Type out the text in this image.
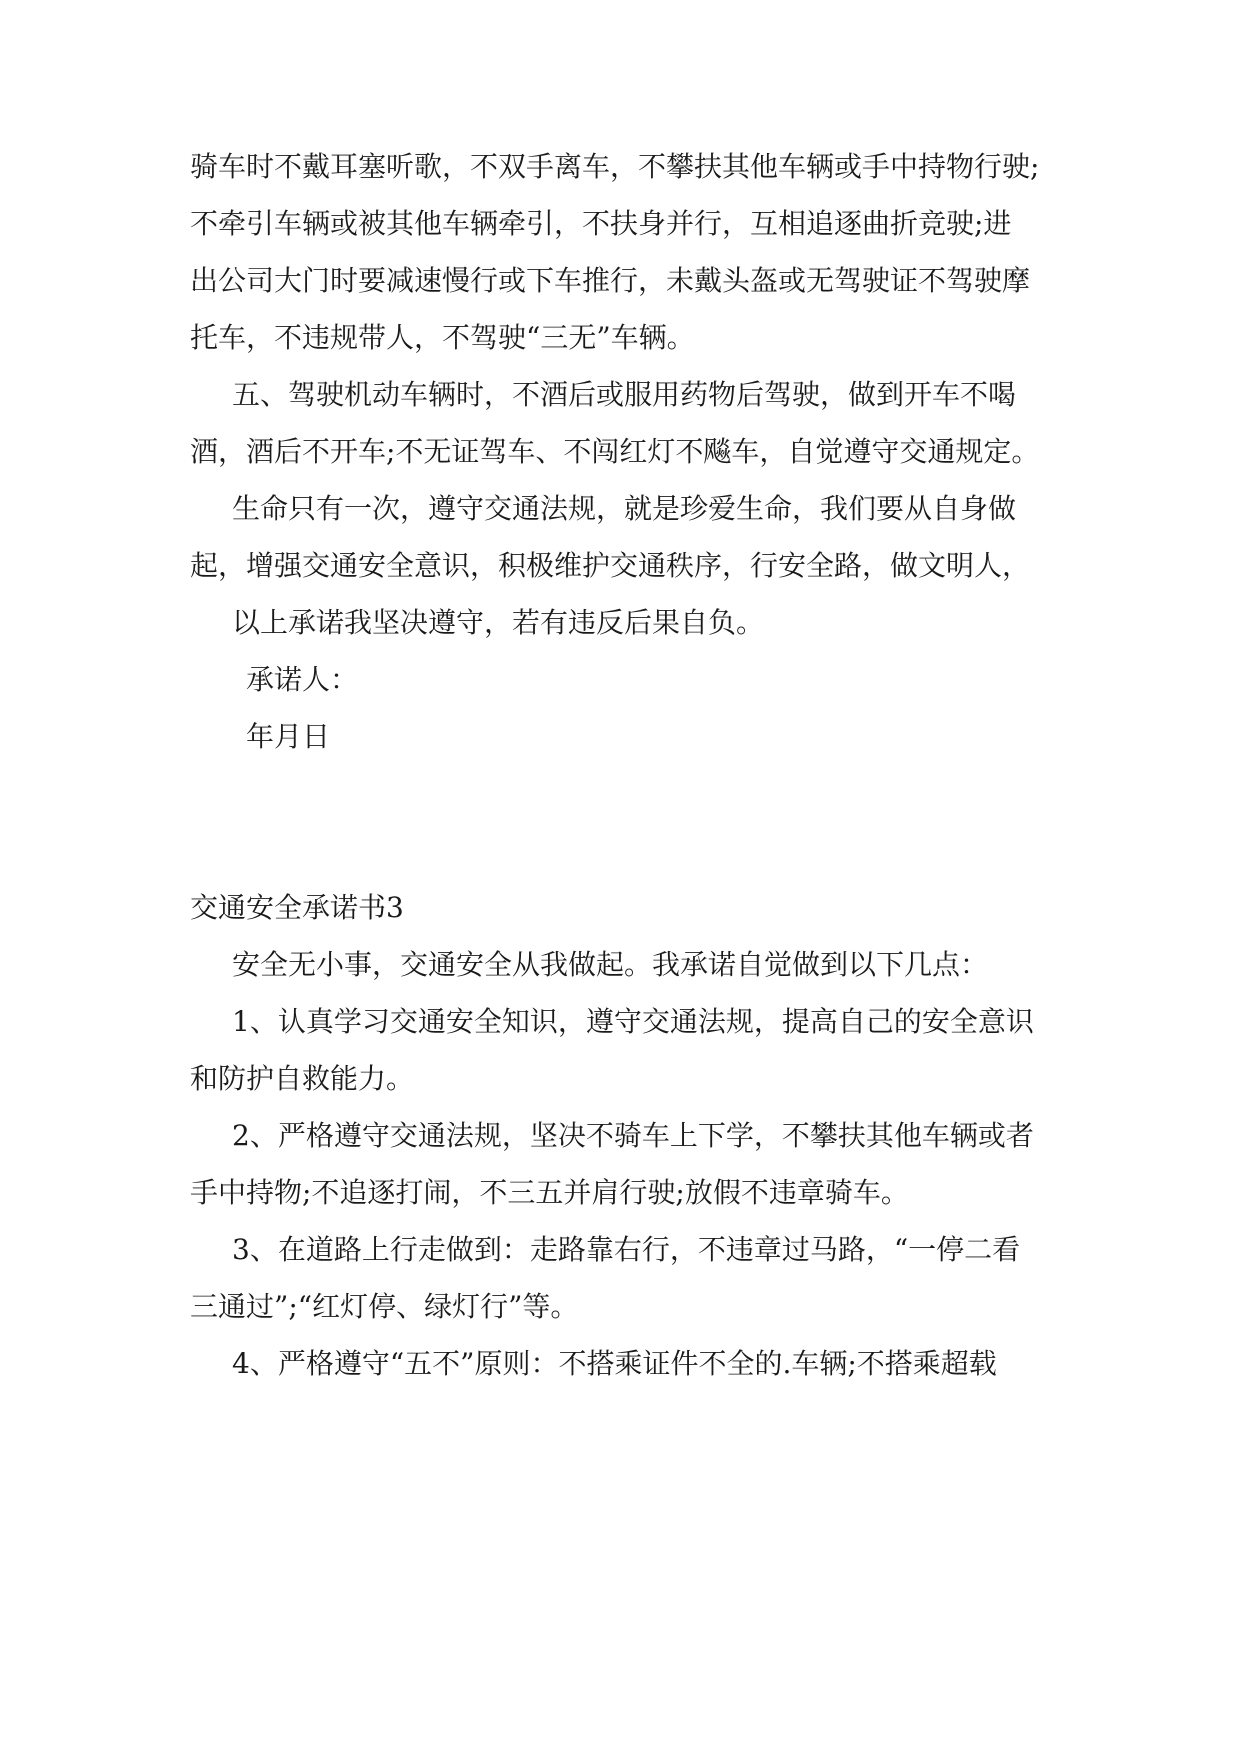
骑车时不戴耳塞听歌，不双手离车，不攀扶其他车辆或手中持物行驶;
不牵引车辆或被其他车辆牵引，不扶身并行，互相追逐曲折竞驶;进
出公司大门时要减速慢行或下车推行，未戴头盔或无驾驶证不驾驶摩
托车，不违规带人，不驾驶“三无”车辆。
五、驾驶机动车辆时，不酒后或服用药物后驾驶，做到开车不喝
酒，酒后不开车;不无证驾车、不闯红灯不飚车，自觉遵守交通规定。
生命只有一次，遵守交通法规，就是珍爱生命，我们要从自身做
起，增强交通安全意识，积极维护交通秩序，行安全路，做文明人，
以上承诺我坚决遵守，若有违反后果自负。
承诺人：
年月日
交通安全承诺书3
安全无小事，交通安全从我做起。我承诺自觉做到以下几点：
1、认真学习交通安全知识，遵守交通法规，提高自己的安全意识
和防护自救能力。
2、严格遵守交通法规，坚决不骑车上下学，不攀扶其他车辆或者
手中持物;不追逐打闹，不三五并肩行驶;放假不违章骑车。
3、在道路上行走做到：走路靠右行，不违章过马路，“一停二看
三通过”;“红灯停、绿灯行”等。
4、严格遵守“五不”原则：不搭乘证件不全的.车辆;不搭乘超载
